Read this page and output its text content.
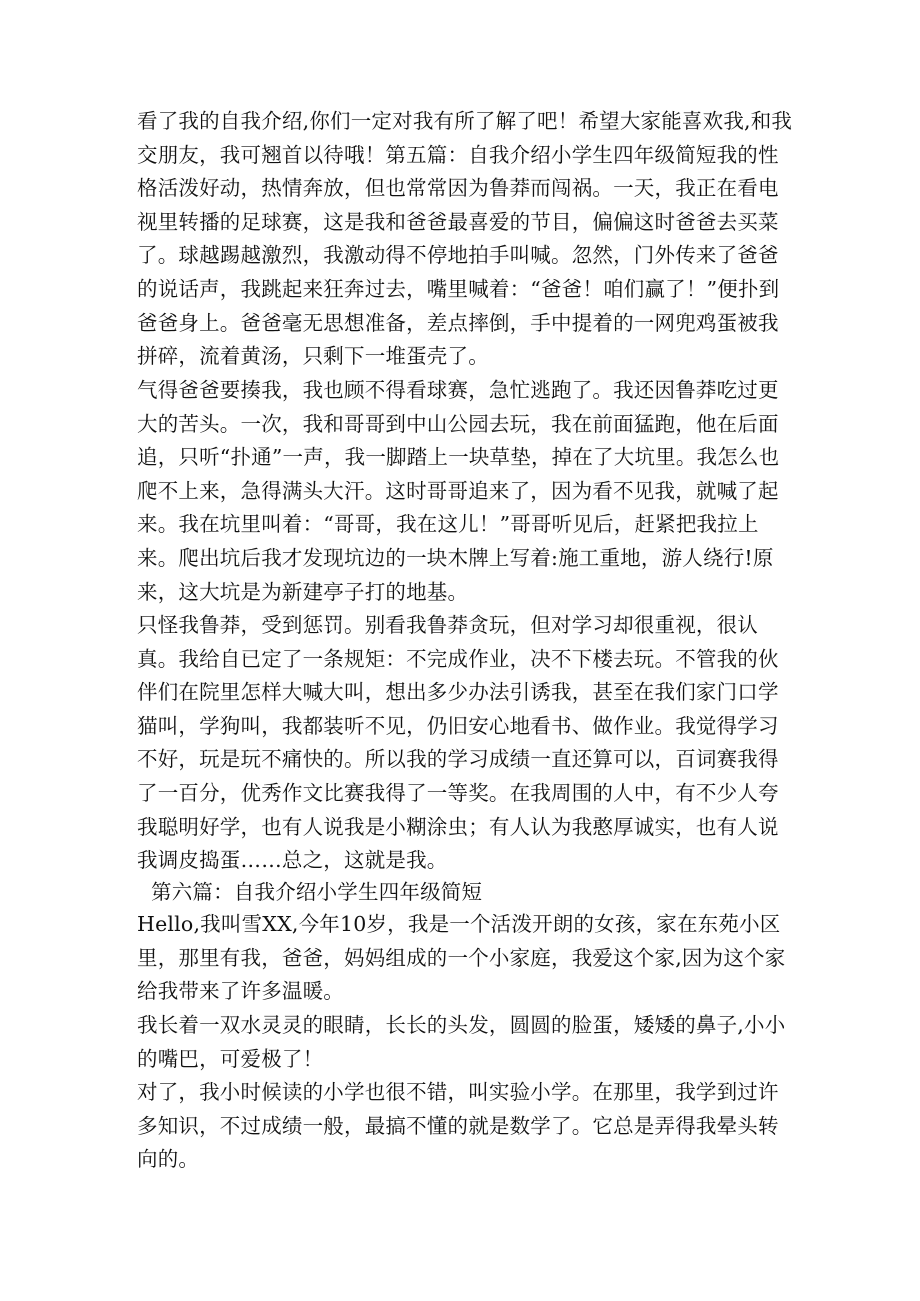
看了我的自我介绍,你们一定对我有所了解了吧！希望大家能喜欢我,和我交朋友，我可翘首以待哦！第五篇：自我介绍小学生四年级简短我的性格活泼好动，热情奔放，但也常常因为鲁莽而闯祸。一天，我正在看电视里转播的足球赛，这是我和爸爸最喜爱的节目，偏偏这时爸爸去买菜了。球越踢越激烈，我激动得不停地拍手叫喊。忽然，门外传来了爸爸的说话声，我跳起来狂奔过去，嘴里喊着：“爸爸！咱们赢了！”便扑到爸爸身上。爸爸毫无思想准备，差点摔倒，手中提着的一网兜鸡蛋被我拼碎，流着黄汤，只剩下一堆蛋壳了。

气得爸爸要揍我，我也顾不得看球赛，急忙逃跑了。我还因鲁莽吃过更大的苦头。一次，我和哥哥到中山公园去玩，我在前面猛跑，他在后面追，只听“扑通”一声，我一脚踏上一块草垫，掉在了大坑里。我怎么也爬不上来，急得满头大汗。这时哥哥追来了，因为看不见我，就喊了起来。我在坑里叫着：“哥哥，我在这儿！”哥哥听见后，赶紧把我拉上来。爬出坑后我才发现坑边的一块木牌上写着:施工重地，游人绕行!原来，这大坑是为新建亭子打的地基。

只怪我鲁莽，受到惩罚。别看我鲁莽贪玩，但对学习却很重视，很认真。我给自已定了一条规矩：不完成作业，决不下楼去玩。不管我的伙伴们在院里怎样大喊大叫，想出多少办法引诱我，甚至在我们家门口学猫叫，学狗叫，我都装听不见，仍旧安心地看书、做作业。我觉得学习不好，玩是玩不痛快的。所以我的学习成绩一直还算可以，百词赛我得了一百分，优秀作文比赛我得了一等奖。在我周围的人中，有不少人夸我聪明好学，也有人说我是小糊涂虫；有人认为我憨厚诚实，也有人说我调皮捣蛋……总之，这就是我。

第六篇：自我介绍小学生四年级简短

Hello,我叫雪XX,今年10岁，我是一个活泼开朗的女孩，家在东苑小区里，那里有我，爸爸，妈妈组成的一个小家庭，我爱这个家,因为这个家给我带来了许多温暖。

我长着一双水灵灵的眼睛，长长的头发，圆圆的脸蛋，矮矮的鼻子,小小的嘴巴，可爱极了！

对了，我小时候读的小学也很不错，叫实验小学。在那里，我学到过许多知识，不过成绩一般，最搞不懂的就是数学了。它总是弄得我晕头转向的。
